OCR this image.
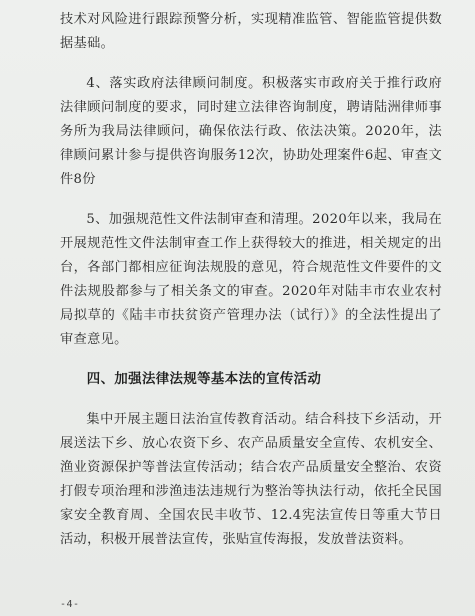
技术对风险进行跟踪预警分析，实现精准监管、智能监管提供数据基础。

4、落实政府法律顾问制度。积极落实市政府关于推行政府法律顾问制度的要求，同时建立法律咨询制度，聘请陆洲律师事务所为我局法律顾问，确保依法行政、依法决策。2020年，法律顾问累计参与提供咨询服务12次，协助处理案件6起、审查文件8份

5、加强规范性文件法制审查和清理。2020年以来，我局在开展规范性文件法制审查工作上获得较大的推进，相关规定的出台，各部门都相应征询法规股的意见，符合规范性文件要件的文件法规股都参与了相关条文的审查。2020年对陆丰市农业农村局拟草的《陆丰市扶贫资产管理办法（试行）》的全法性提出了审查意见。

四、加强法律法规等基本法的宣传活动

集中开展主题日法治宣传教育活动。结合科技下乡活动，开展送法下乡、放心农资下乡、农产品质量安全宣传、农机安全、渔业资源保护等普法宣传活动；结合农产品质量安全整治、农资打假专项治理和涉渔违法违规行为整治等执法行动，依托全民国家安全教育周、全国农民丰收节、12.4宪法宣传日等重大节日活动，积极开展普法宣传，张贴宣传海报，发放普法资料。

-4-
